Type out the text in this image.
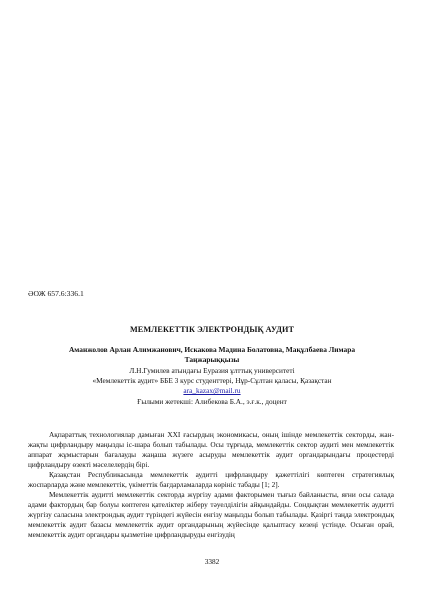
ӘОЖ 657.6:336.1
МЕМЛЕКЕТТІК ЭЛЕКТРОНДЫҚ АУДИТ
Аманжолов Арлан Алимжанович, Искакова Мадина Болатовна, Мақұлбаева Лимара
Таңжарыққызы
Л.Н.Гумилев атындағы Еуразия ұлттық университеті
«Мемлекеттік аудит» ББЕ 3 курс студенттері, Нұр-Сұлтан қаласы, Қазақстан
ara_kazax@mail.ru
Ғылыми жетекші: Алибекова Б.А., э.ғ.к., доцент

Ақпараттық технологиялар дамыған XXI ғасырдың экономикасы, оның ішінде мемлекеттік секторды, жан-жақты цифрландыру маңызды іс-шара болып табылады. Осы тұрғыда, мемлекеттік сектор аудиті мен мемлекеттік аппарат жұмыстарын бағалауды жаңаша жүзеге асыруды мемлекеттік аудит органдарындағы процестерді цифрландыру өзекті мәселелердің бірі.

Қазақстан Республикасында мемлекеттік аудитті цифрландыру қажеттілігі көптеген стратегиялық жоспарларда және мемлекеттік, үкіметтік бағдарламаларда көрініс табады [1; 2].

Мемлекеттік аудитті мемлекеттік секторда жүргізу адами факторымен тығыз байланысты, яғни осы салада адами фактордың бар болуы көптеген қателіктер жіберу тәуелділігін айқындайды. Сондықтан мемлекеттік аудитті жүргізу саласына электрондық аудит түріндегі жүйесін енгізу маңызды болып табылады. Қазіргі таңда электрондық мемлекеттік аудит базасы мемлекеттік аудит органдарының жүйесінде қалыптасу кезеңі үстінде. Осыған орай, мемлекеттік аудит органдары қызметіне цифрландыруды енгізудің

3382
